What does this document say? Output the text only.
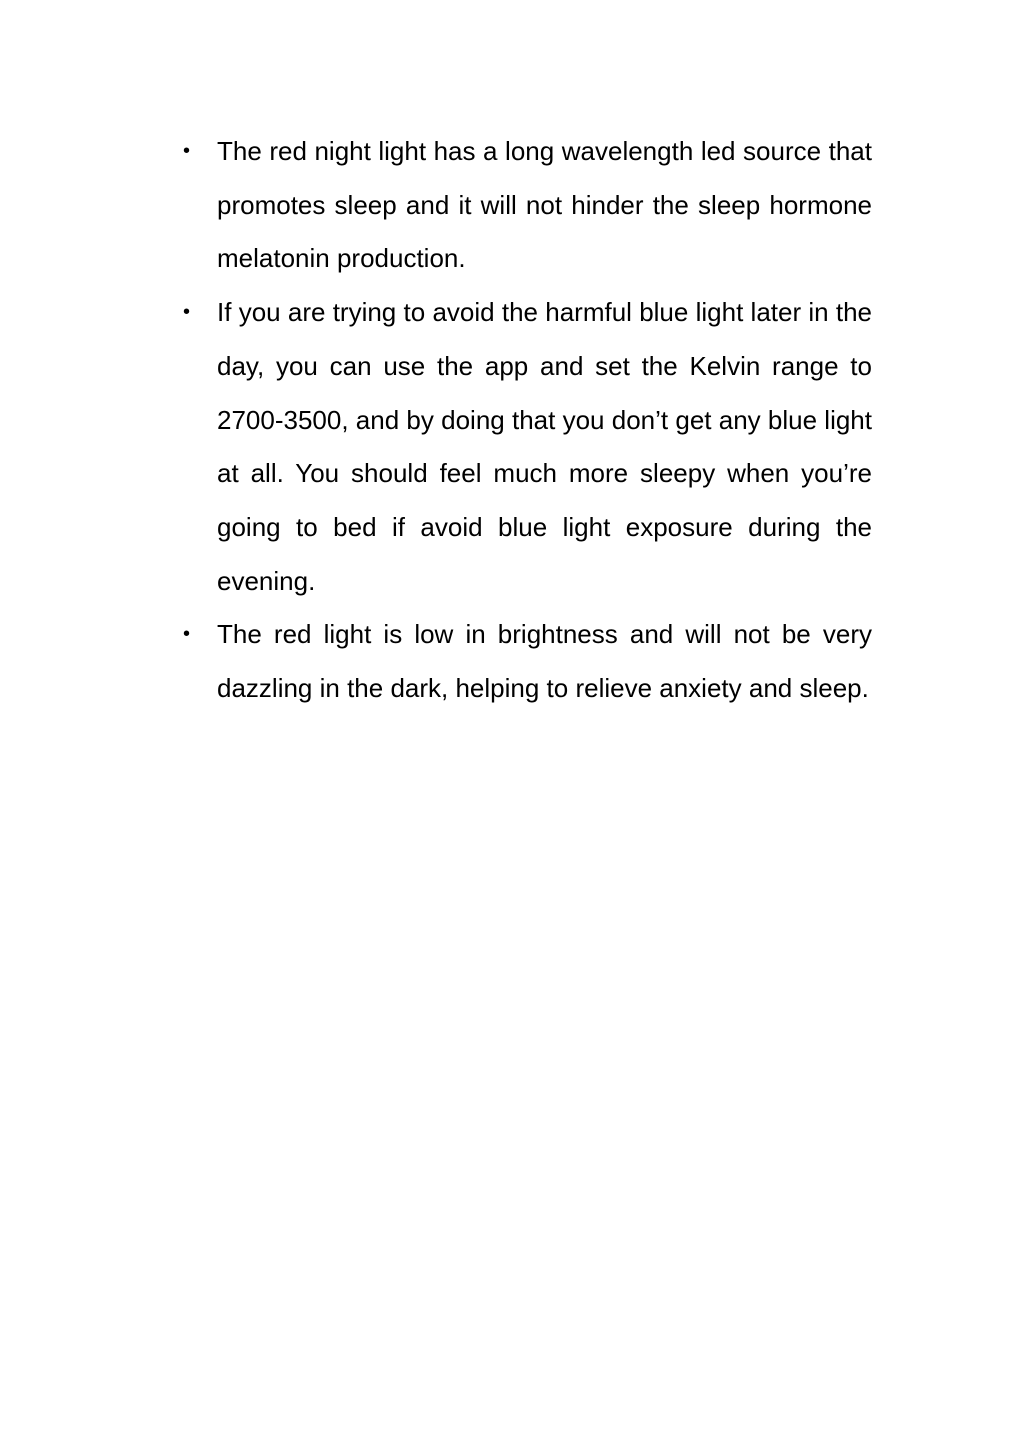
• The red night light has a long wavelength led source that promotes sleep and it will not hinder the sleep hormone melatonin production.
• If you are trying to avoid the harmful blue light later in the day, you can use the app and set the Kelvin range to 2700-3500, and by doing that you don’t get any blue light at all. You should feel much more sleepy when you’re going to bed if avoid blue light exposure during the evening.
• The red light is low in brightness and will not be very dazzling in the dark, helping to relieve anxiety and sleep.
